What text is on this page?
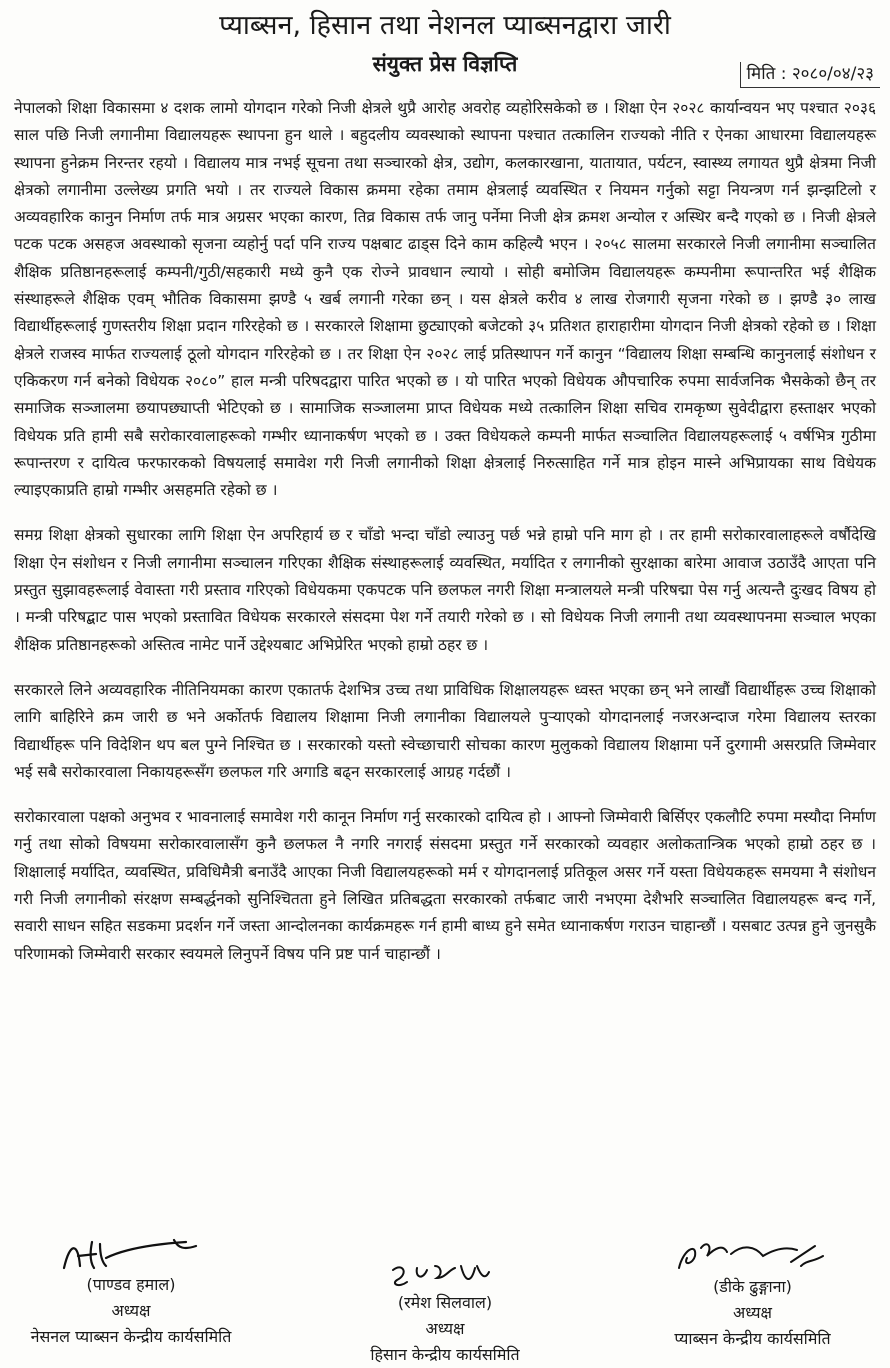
प्याब्सन, हिसान तथा नेशनल प्याब्सनद्वारा जारी
संयुक्त प्रेस विज्ञप्ति	मिति : २०८०/०४/२३

नेपालको शिक्षा विकासमा ४ दशक लामो योगदान गरेको निजी क्षेत्रले थुप्रै आरोह अवरोह व्यहोरिसकेको छ । शिक्षा ऐन २०२८ कार्यान्वयन भए पश्चात २०३६ साल पछि निजी लगानीमा विद्यालयहरू स्थापना हुन थाले । बहुदलीय व्यवस्थाको स्थापना पश्चात तत्कालिन राज्यको नीति र ऐनका आधारमा विद्यालयहरू स्थापना हुनेक्रम निरन्तर रहयो । विद्यालय मात्र नभई सूचना तथा सञ्चारको क्षेत्र, उद्योग, कलकारखाना, यातायात, पर्यटन, स्वास्थ्य लगायत थुप्रै क्षेत्रमा निजी क्षेत्रको लगानीमा उल्लेख्य प्रगति भयो । तर राज्यले विकास क्रममा रहेका तमाम क्षेत्रलाई व्यवस्थित र नियमन गर्नुको सट्टा नियन्त्रण गर्न झन्झटिलो र अव्यवहारिक कानुन निर्माण तर्फ मात्र अग्रसर भएका कारण, तिव्र विकास तर्फ जानु पर्नेमा निजी क्षेत्र क्रमश अन्योल र अस्थिर बन्दै गएको छ । निजी क्षेत्रले पटक पटक असहज अवस्थाको सृजना व्यहोर्नु पर्दा पनि राज्य पक्षबाट ढाड्स दिने काम कहिल्यै भएन । २०५८ सालमा सरकारले निजी लगानीमा सञ्चालित शैक्षिक प्रतिष्ठानहरूलाई कम्पनी/गुठी/सहकारी मध्ये कुनै एक रोज्ने प्रावधान ल्यायो । सोही बमोजिम विद्यालयहरू कम्पनीमा रूपान्तरित भई शैक्षिक संस्थाहरूले शैक्षिक एवम् भौतिक विकासमा झण्डै ५ खर्ब लगानी गरेका छन् । यस क्षेत्रले करीव ४ लाख रोजगारी सृजना गरेको छ । झण्डै ३० लाख विद्यार्थीहरूलाई गुणस्तरीय शिक्षा प्रदान गरिरहेको छ । सरकारले शिक्षामा छुट्याएको बजेटको ३५ प्रतिशत हाराहारीमा योगदान निजी क्षेत्रको रहेको छ । शिक्षा क्षेत्रले राजस्व मार्फत राज्यलाई ठूलो योगदान गरिरहेको छ । तर शिक्षा ऐन २०२८ लाई प्रतिस्थापन गर्ने कानुन “विद्यालय शिक्षा सम्बन्धि कानुनलाई संशोधन र एकिकरण गर्न बनेको विधेयक २०८०” हाल मन्त्री परिषदद्वारा पारित भएको छ । यो पारित भएको विधेयक औपचारिक रुपमा सार्वजनिक भैसकेको छैन् तर समाजिक सञ्जालमा छयापछ्याप्ती भेटिएको छ । सामाजिक सञ्जालमा प्राप्त विधेयक मध्ये तत्कालिन शिक्षा सचिव रामकृष्ण सुवेदीद्वारा हस्ताक्षर भएको विधेयक प्रति हामी सबै सरोकारवालाहरूको गम्भीर ध्यानाकर्षण भएको छ । उक्त विधेयकले कम्पनी मार्फत सञ्चालित विद्यालयहरूलाई ५ वर्षभित्र गुठीमा रूपान्तरण र दायित्व फरफारकको विषयलाई समावेश गरी निजी लगानीको शिक्षा क्षेत्रलाई निरुत्साहित गर्ने मात्र होइन मास्ने अभिप्रायका साथ विधेयक ल्याइएकाप्रति हाम्रो गम्भीर असहमति रहेको छ ।

समग्र शिक्षा क्षेत्रको सुधारका लागि शिक्षा ऐन अपरिहार्य छ र चाँडो भन्दा चाँडो ल्याउनु पर्छ भन्ने हाम्रो पनि माग हो । तर हामी सरोकारवालाहरूले वर्षौदेखि शिक्षा ऐन संशोधन र निजी लगानीमा सञ्चालन गरिएका शैक्षिक संस्थाहरूलाई व्यवस्थित, मर्यादित र लगानीको सुरक्षाका बारेमा आवाज उठाउँदै आएता पनि प्रस्तुत सुझावहरूलाई वेवास्ता गरी प्रस्ताव गरिएको विधेयकमा एकपटक पनि छलफल नगरी शिक्षा मन्त्रालयले मन्त्री परिषद्मा पेस गर्नु अत्यन्तै दुःखद विषय हो । मन्त्री परिषद्बाट पास भएको प्रस्तावित विधेयक सरकारले संसदमा पेश गर्ने तयारी गरेको छ । सो विधेयक निजी लगानी तथा व्यवस्थापनमा सञ्चाल भएका शैक्षिक प्रतिष्ठानहरूको अस्तित्व नामेट पार्ने उद्देश्यबाट अभिप्रेरित भएको हाम्रो ठहर छ ।

सरकारले लिने अव्यवहारिक नीतिनियमका कारण एकातर्फ देशभित्र उच्च तथा प्राविधिक शिक्षालयहरू ध्वस्त भएका छन् भने लाखौं विद्यार्थीहरू उच्च शिक्षाको लागि बाहिरिने क्रम जारी छ भने अर्कोतर्फ विद्यालय शिक्षामा निजी लगानीका विद्यालयले पुऱ्याएको योगदानलाई नजरअन्दाज गरेमा विद्यालय स्तरका विद्यार्थीहरू पनि विदेशिन थप बल पुग्ने निश्चित छ । सरकारको यस्तो स्वेच्छाचारी सोचका कारण मुलुकको विद्यालय शिक्षामा पर्ने दुरगामी असरप्रति जिम्मेवार भई सबै सरोकारवाला निकायहरूसँग छलफल गरि अगाडि बढ्न सरकारलाई आग्रह गर्दछौं ।

सरोकारवाला पक्षको अनुभव र भावनालाई समावेश गरी कानून निर्माण गर्नु सरकारको दायित्व हो । आफ्नो जिम्मेवारी बिर्सिएर एकलौटि रुपमा मस्यौदा निर्माण गर्नु तथा सोको विषयमा सरोकारवालासँग कुनै छलफल नै नगरि नगराई संसदमा प्रस्तुत गर्ने सरकारको व्यवहार अलोकतान्त्रिक भएको हाम्रो ठहर छ । शिक्षालाई मर्यादित, व्यवस्थित, प्रविधिमैत्री बनाउँदै आएका निजी विद्यालयहरूको मर्म र योगदानलाई प्रतिकूल असर गर्ने यस्ता विधेयकहरू समयमा नै संशोधन गरी निजी लगानीको संरक्षण सम्बर्द्धनको सुनिश्चितता हुने लिखित प्रतिबद्धता सरकारको तर्फबाट जारी नभएमा देशैभरि सञ्चालित विद्यालयहरू बन्द गर्ने, सवारी साधन सहित सडकमा प्रदर्शन गर्ने जस्ता आन्दोलनका कार्यक्रमहरू गर्न हामी बाध्य हुने समेत ध्यानाकर्षण गराउन चाहान्छौं । यसबाट उत्पन्न हुने जुनसुकै परिणामको जिम्मेवारी सरकार स्वयमले लिनुपर्ने विषय पनि प्रष्ट पार्न चाहान्छौं ।

(पाण्डव हमाल)
अध्यक्ष
नेसनल प्याब्सन केन्द्रीय कार्यसमिति
(रमेश सिलवाल)
अध्यक्ष
हिसान केन्द्रीय कार्यसमिति
(डीके ढुङ्गाना)
अध्यक्ष
प्याब्सन केन्द्रीय कार्यसमिति
